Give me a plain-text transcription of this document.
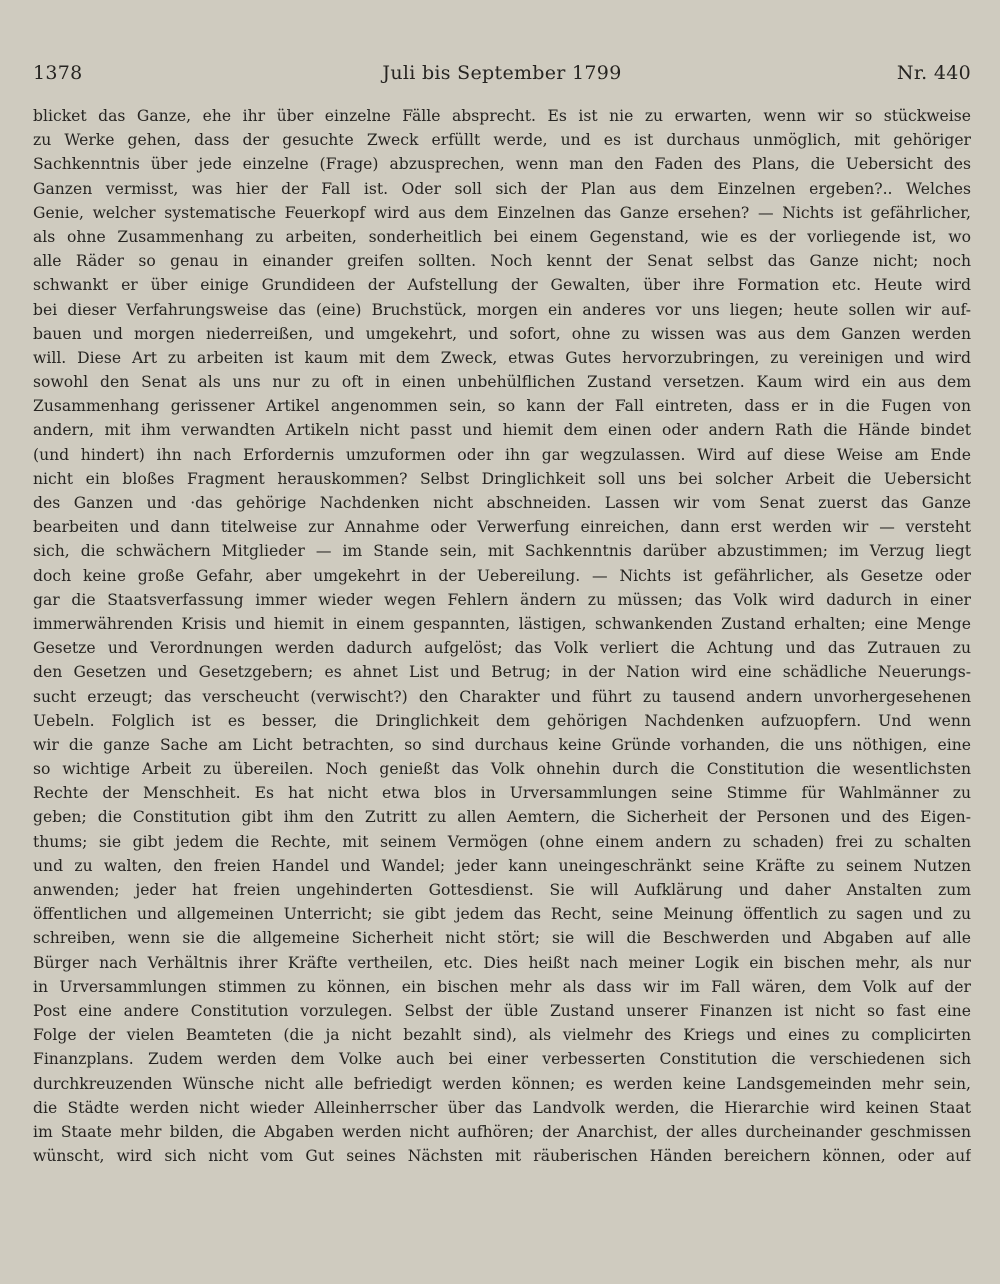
1378	Juli bis September 1799	Nr. 440
blicket das Ganze, ehe ihr über einzelne Fälle absprecht. Es ist nie zu erwarten, wenn wir so stückweise
zu Werke gehen, dass der gesuchte Zweck erfüllt werde, und es ist durchaus unmöglich, mit gehöriger
Sachkenntnis über jede einzelne (Frage) abzusprechen, wenn man den Faden des Plans, die Uebersicht des
Ganzen vermisst, was hier der Fall ist. Oder soll sich der Plan aus dem Einzelnen ergeben?.. Welches
Genie, welcher systematische Feuerkopf wird aus dem Einzelnen das Ganze ersehen? — Nichts ist gefährlicher,
als ohne Zusammenhang zu arbeiten, sonderheitlich bei einem Gegenstand, wie es der vorliegende ist, wo
alle Räder so genau in einander greifen sollten. Noch kennt der Senat selbst das Ganze nicht; noch
schwankt er über einige Grundideen der Aufstellung der Gewalten, über ihre Formation etc. Heute wird
bei dieser Verfahrungsweise das (eine) Bruchstück, morgen ein anderes vor uns liegen; heute sollen wir auf-
bauen und morgen niederreißen, und umgekehrt, und sofort, ohne zu wissen was aus dem Ganzen werden
will. Diese Art zu arbeiten ist kaum mit dem Zweck, etwas Gutes hervorzubringen, zu vereinigen und wird
sowohl den Senat als uns nur zu oft in einen unbehülflichen Zustand versetzen. Kaum wird ein aus dem
Zusammenhang gerissener Artikel angenommen sein, so kann der Fall eintreten, dass er in die Fugen von
andern, mit ihm verwandten Artikeln nicht passt und hiemit dem einen oder andern Rath die Hände bindet
(und hindert) ihn nach Erfordernis umzuformen oder ihn gar wegzulassen. Wird auf diese Weise am Ende
nicht ein bloßes Fragment herauskommen? Selbst Dringlichkeit soll uns bei solcher Arbeit die Uebersicht
des Ganzen und ·das gehörige Nachdenken nicht abschneiden. Lassen wir vom Senat zuerst das Ganze
bearbeiten und dann titelweise zur Annahme oder Verwerfung einreichen, dann erst werden wir — versteht
sich, die schwächern Mitglieder — im Stande sein, mit Sachkenntnis darüber abzustimmen; im Verzug liegt
doch keine große Gefahr, aber umgekehrt in der Uebereilung. — Nichts ist gefährlicher, als Gesetze oder
gar die Staatsverfassung immer wieder wegen Fehlern ändern zu müssen; das Volk wird dadurch in einer
immerwährenden Krisis und hiemit in einem gespannten, lästigen, schwankenden Zustand erhalten; eine Menge
Gesetze und Verordnungen werden dadurch aufgelöst; das Volk verliert die Achtung und das Zutrauen zu
den Gesetzen und Gesetzgebern; es ahnet List und Betrug; in der Nation wird eine schädliche Neuerungs-
sucht erzeugt; das verscheucht (verwischt?) den Charakter und führt zu tausend andern unvorhergesehenen
Uebeln. Folglich ist es besser, die Dringlichkeit dem gehörigen Nachdenken aufzuopfern. Und wenn
wir die ganze Sache am Licht betrachten, so sind durchaus keine Gründe vorhanden, die uns nöthigen, eine
so wichtige Arbeit zu übereilen. Noch genießt das Volk ohnehin durch die Constitution die wesentlichsten
Rechte der Menschheit. Es hat nicht etwa blos in Urversammlungen seine Stimme für Wahlmänner zu
geben; die Constitution gibt ihm den Zutritt zu allen Aemtern, die Sicherheit der Personen und des Eigen-
thums; sie gibt jedem die Rechte, mit seinem Vermögen (ohne einem andern zu schaden) frei zu schalten
und zu walten, den freien Handel und Wandel; jeder kann uneingeschränkt seine Kräfte zu seinem Nutzen
anwenden; jeder hat freien ungehinderten Gottesdienst. Sie will Aufklärung und daher Anstalten zum
öffentlichen und allgemeinen Unterricht; sie gibt jedem das Recht, seine Meinung öffentlich zu sagen und zu
schreiben, wenn sie die allgemeine Sicherheit nicht stört; sie will die Beschwerden und Abgaben auf alle
Bürger nach Verhältnis ihrer Kräfte vertheilen, etc. Dies heißt nach meiner Logik ein bischen mehr, als nur
in Urversammlungen stimmen zu können, ein bischen mehr als dass wir im Fall wären, dem Volk auf der
Post eine andere Constitution vorzulegen. Selbst der üble Zustand unserer Finanzen ist nicht so fast eine
Folge der vielen Beamteten (die ja nicht bezahlt sind), als vielmehr des Kriegs und eines zu complicirten
Finanzplans. Zudem werden dem Volke auch bei einer verbesserten Constitution die verschiedenen sich
durchkreuzenden Wünsche nicht alle befriedigt werden können; es werden keine Landsgemeinden mehr sein,
die Städte werden nicht wieder Alleinherrscher über das Landvolk werden, die Hierarchie wird keinen Staat
im Staate mehr bilden, die Abgaben werden nicht aufhören; der Anarchist, der alles durcheinander geschmissen
wünscht, wird sich nicht vom Gut seines Nächsten mit räuberischen Händen bereichern können, oder auf
